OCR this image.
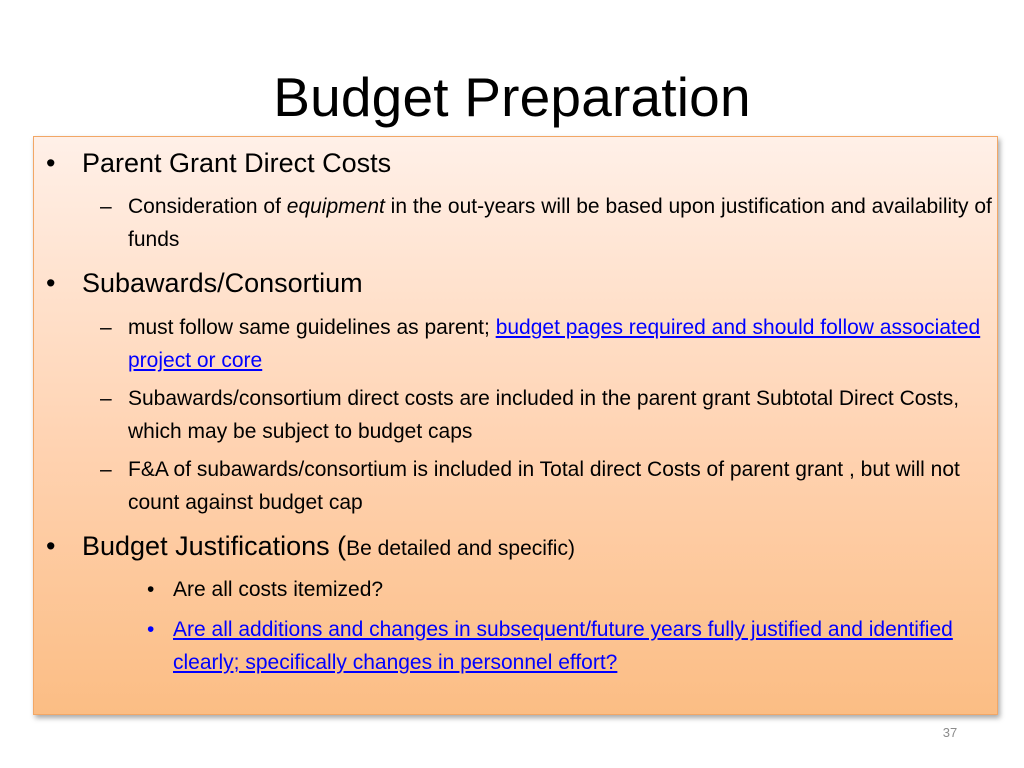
Budget Preparation
• Parent Grant Direct Costs
– Consideration of equipment in the out-years will be based upon justification and availability of funds
• Subawards/Consortium
– must follow same guidelines as parent; budget pages required and should follow associated project or core
– Subawards/consortium direct costs are included in the parent grant Subtotal Direct Costs, which may be subject to budget caps
– F&A of subawards/consortium is included in Total direct Costs of parent grant , but will not count against budget cap
• Budget Justifications (Be detailed and specific)
• Are all costs itemized?
• Are all additions and changes in subsequent/future years fully justified and identified clearly; specifically changes in personnel effort?
37
